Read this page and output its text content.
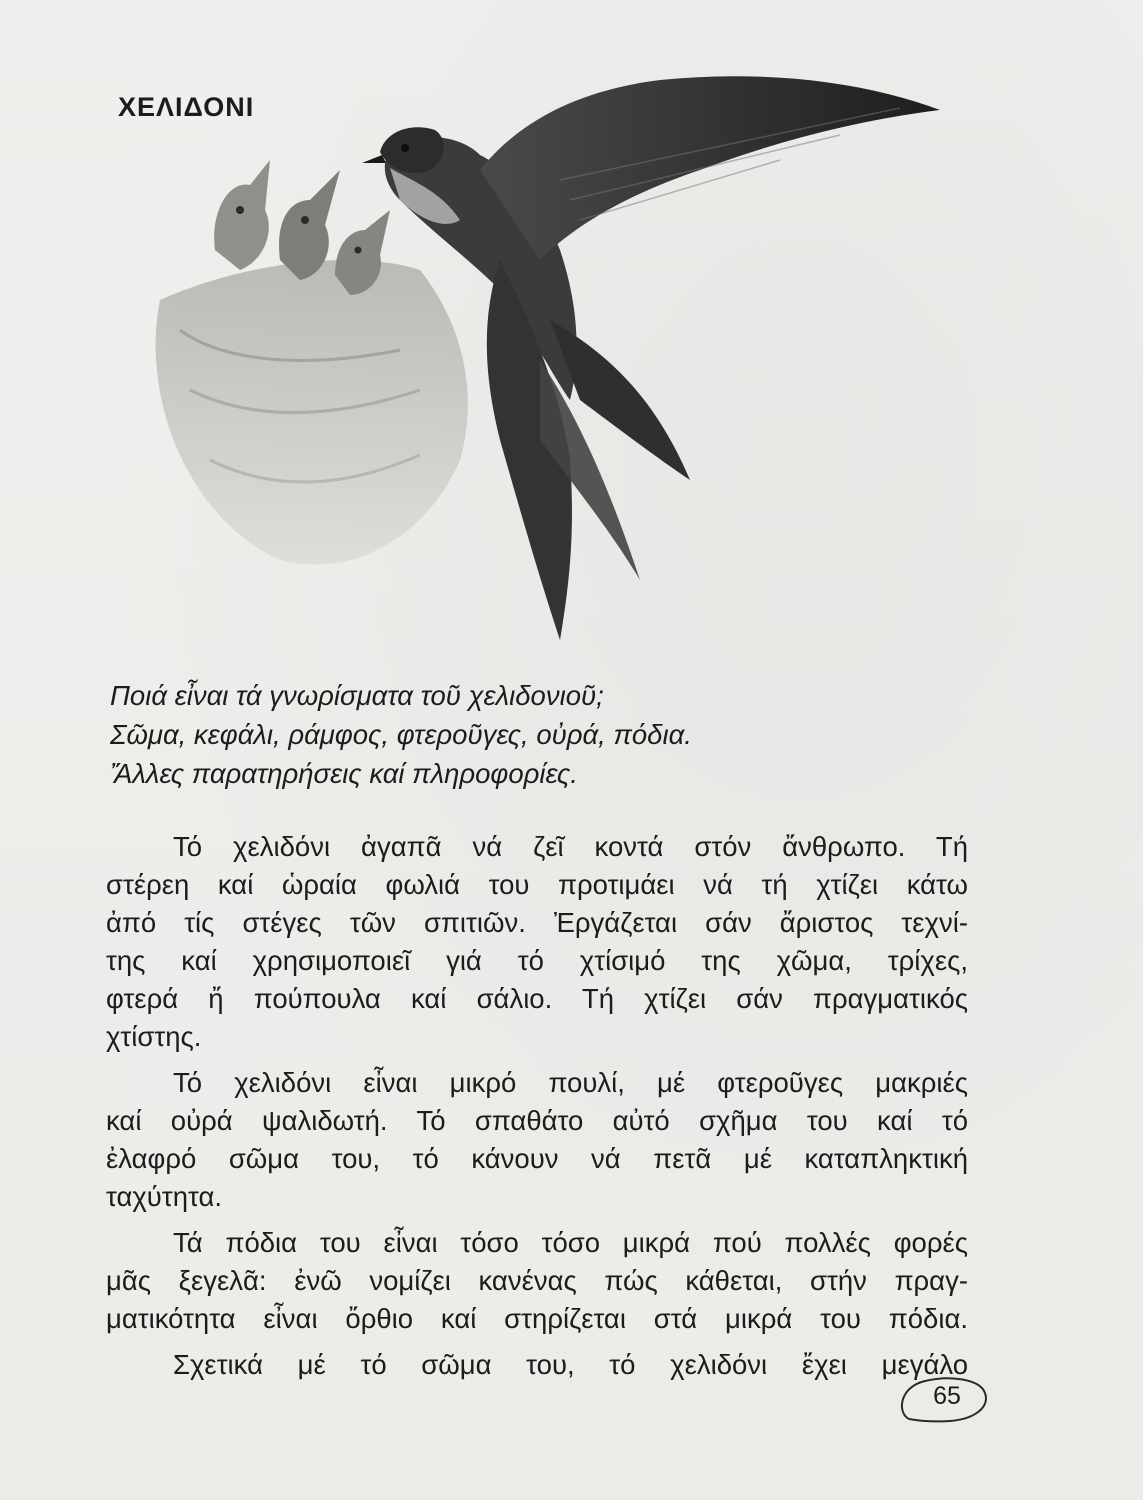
ΧΕΛΙΔΟΝΙ
Ποιά εἶναι τά γνωρίσματα τοῦ χελιδονιοῦ;
Σῶμα, κεφάλι, ράμφος, φτεροῦγες, οὐρά, πόδια.
Ἄλλες παρατηρήσεις καί πληροφορίες.
Τό χελιδόνι ἀγαπᾶ νά ζεῖ κοντά στόν ἄνθρωπο. Τή
στέρεη καί ὡραία φωλιά του προτιμάει νά τή χτίζει κάτω
ἀπό τίς στέγες τῶν σπιτιῶν. Ἐργάζεται σάν ἄριστος τεχνί-
της καί χρησιμοποιεῖ γιά τό χτίσιμό της χῶμα, τρίχες,
φτερά ἤ πούπουλα καί σάλιο. Τή χτίζει σάν πραγματικός
χτίστης.
Τό χελιδόνι εἶναι μικρό πουλί, μέ φτεροῦγες μακριές
καί οὐρά ψαλιδωτή. Τό σπαθάτο αὐτό σχῆμα του καί τό
ἐλαφρό σῶμα του, τό κάνουν νά πετᾶ μέ καταπληκτική
ταχύτητα.
Τά πόδια του εἶναι τόσο τόσο μικρά πού πολλές φορές
μᾶς ξεγελᾶ: ἐνῶ νομίζει κανένας πώς κάθεται, στήν πραγ-
ματικότητα εἶναι ὄρθιο καί στηρίζεται στά μικρά του πόδια.
Σχετικά μέ τό σῶμα του, τό χελιδόνι ἔχει μεγάλο
65
